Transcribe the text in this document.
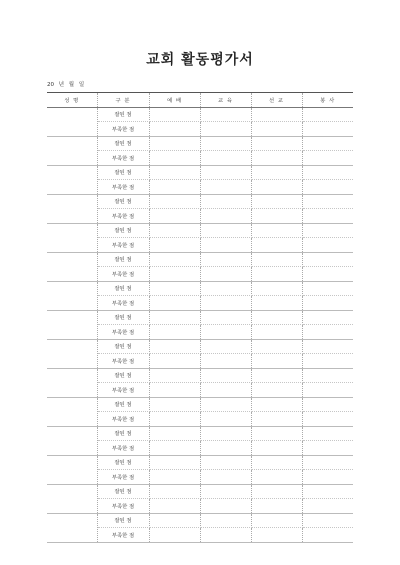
교회 활동평가서
20 년 월 일
성 명	구 분	예 배	교 육	선 교	봉 사
	잘된 점				
	부족한 점				
	잘된 점				
	부족한 점				
	잘된 점				
	부족한 점				
	잘된 점				
	부족한 점				
	잘된 점				
	부족한 점				
	잘된 점				
	부족한 점				
	잘된 점				
	부족한 점				
	잘된 점				
	부족한 점				
	잘된 점				
	부족한 점				
	잘된 점				
	부족한 점				
	잘된 점				
	부족한 점				
	잘된 점				
	부족한 점				
	잘된 점				
	부족한 점				
	잘된 점				
	부족한 점				
	잘된 점				
	부족한 점				
